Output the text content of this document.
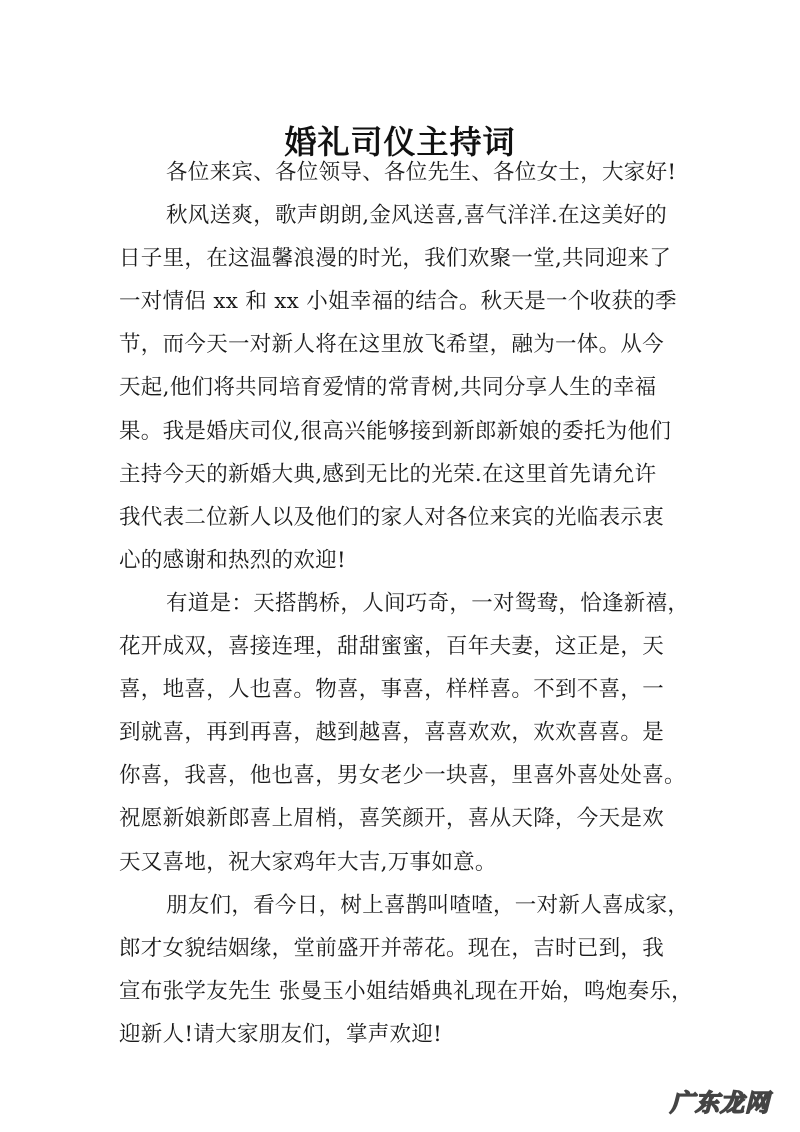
婚礼司仪主持词
各位来宾、各位领导、各位先生、各位女士，大家好!
秋风送爽，歌声朗朗,金风送喜,喜气洋洋.在这美好的
日子里，在这温馨浪漫的时光，我们欢聚一堂,共同迎来了
一对情侣 xx 和 xx 小姐幸福的结合。秋天是一个收获的季
节，而今天一对新人将在这里放飞希望，融为一体。从今
天起,他们将共同培育爱情的常青树,共同分享人生的幸福
果。我是婚庆司仪,很高兴能够接到新郎新娘的委托为他们
主持今天的新婚大典,感到无比的光荣.在这里首先请允许
我代表二位新人以及他们的家人对各位来宾的光临表示衷
心的感谢和热烈的欢迎!
有道是：天搭鹊桥，人间巧奇，一对鸳鸯，恰逢新禧，
花开成双，喜接连理，甜甜蜜蜜，百年夫妻，这正是，天
喜，地喜，人也喜。物喜，事喜，样样喜。不到不喜，一
到就喜，再到再喜，越到越喜，喜喜欢欢，欢欢喜喜。是
你喜，我喜，他也喜，男女老少一块喜，里喜外喜处处喜。
祝愿新娘新郎喜上眉梢，喜笑颜开，喜从天降，今天是欢
天又喜地，祝大家鸡年大吉,万事如意。
朋友们，看今日，树上喜鹊叫喳喳，一对新人喜成家，
郎才女貌结姻缘，堂前盛开并蒂花。现在，吉时已到，我
宣布张学友先生 张曼玉小姐结婚典礼现在开始，鸣炮奏乐，
迎新人!请大家朋友们，掌声欢迎!
广东龙网
